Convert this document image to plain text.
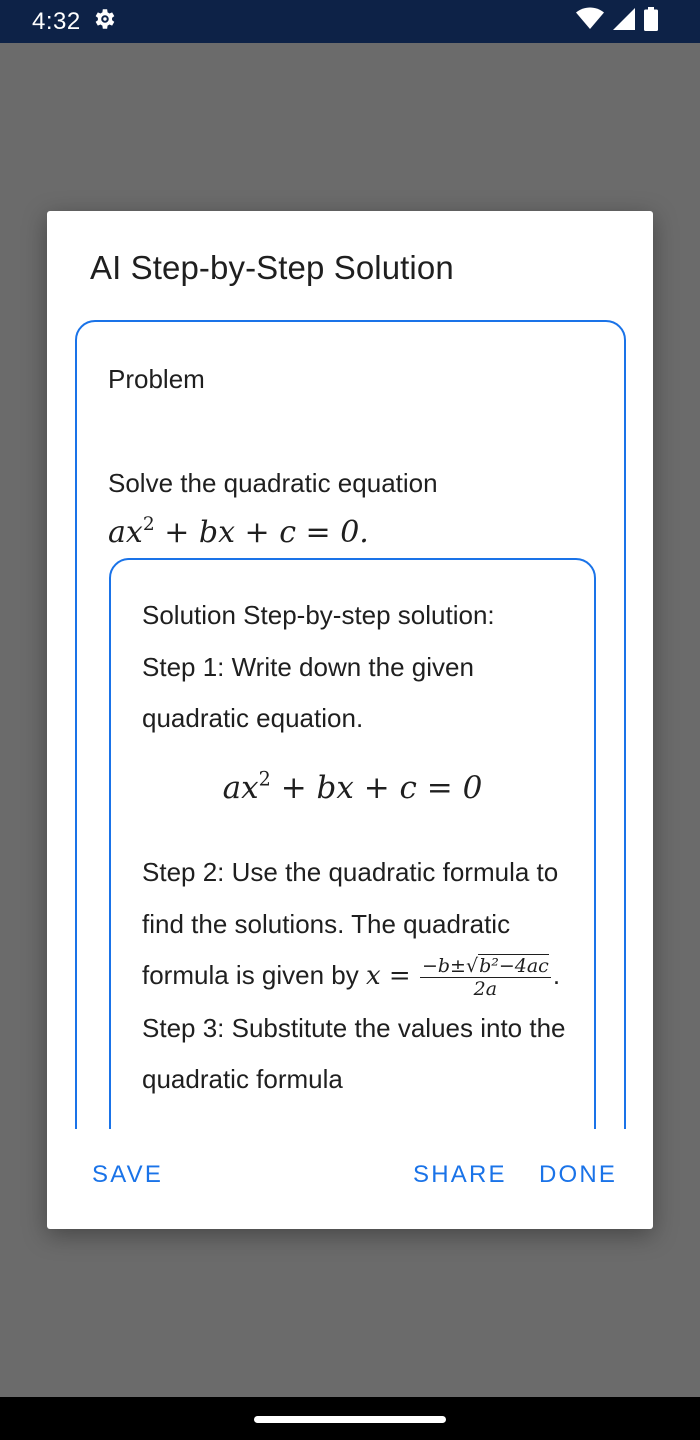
4:32
AI Step-by-Step Solution
Problem
Solve the quadratic equation
$ax^2$ + bx + c = 0.
Solution Step-by-step solution:
Step 1: Write down the given quadratic equation.
$ax^2$ + bx + c = 0
Step 2: Use the quadratic formula to find the solutions. The quadratic formula is given by $x = \frac{\text{−b±√b²−4ac}}{2a}$ . Step 3: Substitute the values into the quadratic formula
SAVE	SHARE DONE
